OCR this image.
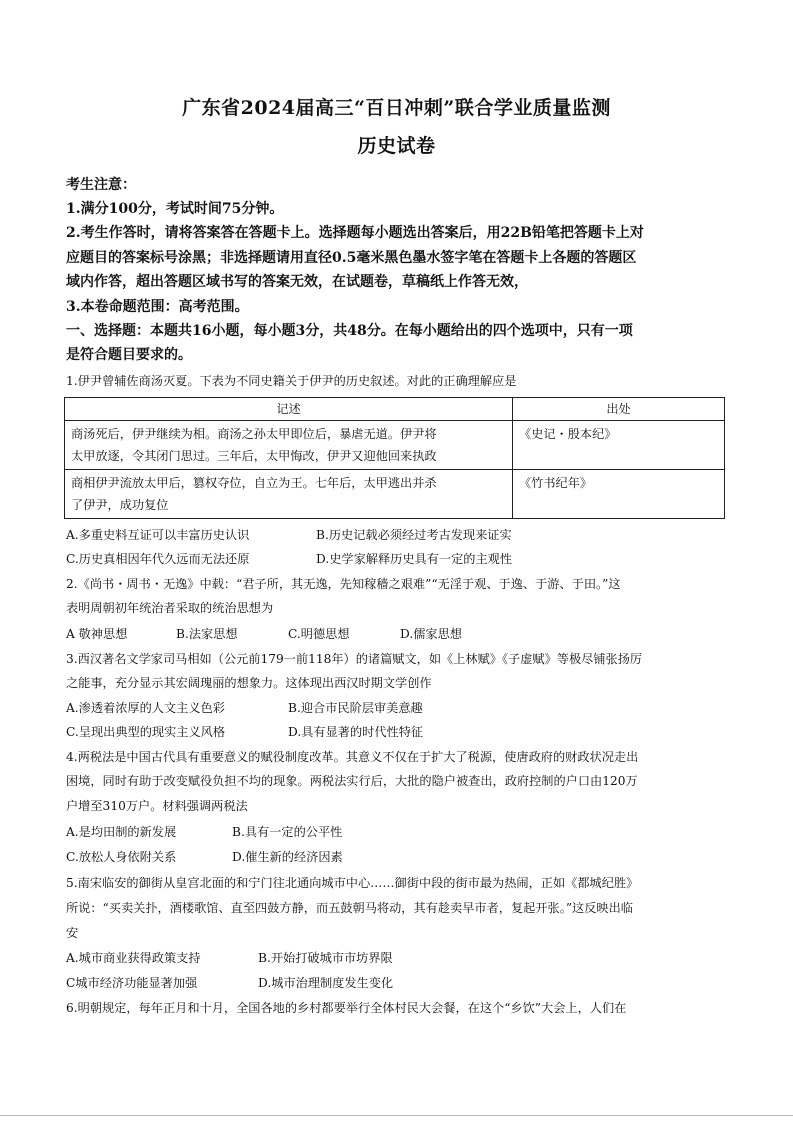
广东省2024届高三“百日冲刺”联合学业质量监测
历史试卷
考生注意：
1.满分100分，考试时间75分钟。
2.考生作答时，请将答案答在答题卡上。选择题每小题选出答案后，用22B铅笔把答题卡上对
应题目的答案标号涂黑；非选择题请用直径0.5毫米黑色墨水签字笔在答题卡上各题的答题区
域内作答，超出答题区域书写的答案无效，在试题卷，草稿纸上作答无效，
3.本卷命题范围：高考范围。
一、选择题：本题共16小题，每小题3分，共48分。在每小题给出的四个选项中，只有一项
是符合题目要求的。
1.伊尹曾辅佐商汤灭夏。下表为不同史籍关于伊尹的历史叙述。对此的正确理解应是
记述	出处

商汤死后，伊尹继续为相。商汤之孙太甲即位后，暴虐无道。伊尹将
太甲放逐，令其闭门思过。三年后，太甲悔改，伊尹又迎他回来执政	《史记・殷本纪》

商相伊尹流放太甲后，篡权夺位，自立为王。七年后，太甲逃出并杀
了伊尹，成功复位	《竹书纪年》
A.多重史料互证可以丰富历史认识	B.历史记载必须经过考古发现来证实
C.历史真相因年代久远而无法还原	D.史学家解释历史具有一定的主观性
2.《尚书・周书・无逸》中载：“君子所，其无逸，先知稼穑之艰难”“无淫于观、于逸、于游、于田。”这
表明周朝初年统治者采取的统治思想为
A 敬神思想	B.法家思想	C.明德思想	D.儒家思想
3.西汉著名文学家司马相如（公元前179一前118年）的诸篇赋文，如《上林赋》《子虚赋》等极尽铺张扬厉
之能事，充分显示其宏阔瑰丽的想象力。这体现出西汉时期文学创作
A.渗透着浓厚的人文主义色彩	B.迎合市民阶层审美意趣
C.呈现出典型的现实主义风格	D.具有显著的时代性特征
4.两税法是中国古代具有重要意义的赋役制度改革。其意义不仅在于扩大了税源，使唐政府的财政状况走出
困境，同时有助于改变赋役负担不均的现象。两税法实行后，大批的隐户被查出，政府控制的户口由120万
户增至310万户。材料强调两税法
A.是均田制的新发展	B.具有一定的公平性
C.放松人身依附关系	D.催生新的经济因素
5.南宋临安的御街从皇宫北面的和宁门往北通向城市中心……御街中段的街市最为热闹，正如《都城纪胜》
所说：“买卖关扑，酒楼歌馆、直至四鼓方静，而五鼓朝马将动，其有趁卖早市者，复起开张。”这反映出临
安
A.城市商业获得政策支持	B.开始打破城市市坊界限
C城市经济功能显著加强	D.城市治理制度发生变化
6.明朝规定，每年正月和十月，全国各地的乡村都要举行全体村民大会餐，在这个“乡饮”大会上，人们在
